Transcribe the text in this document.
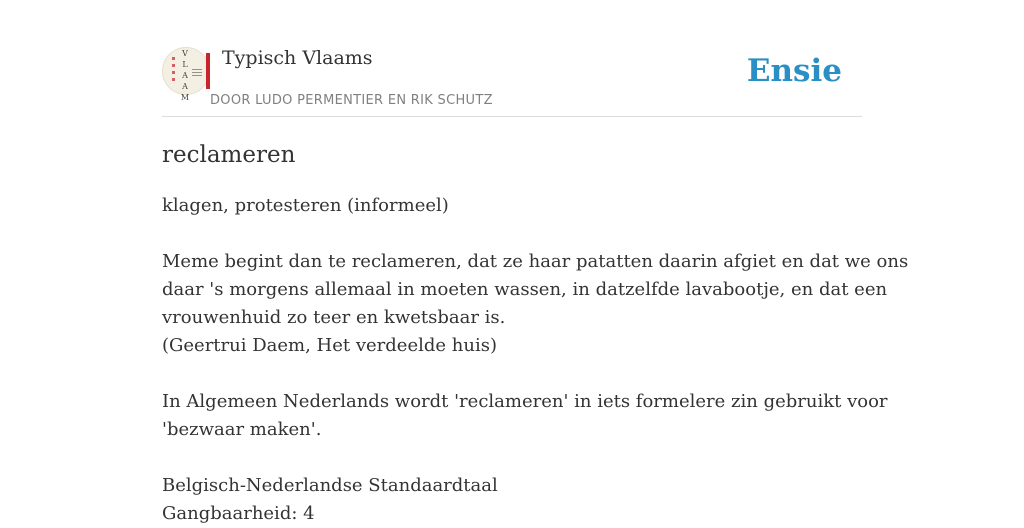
V
L
A
A
M
Typisch Vlaams
DOOR LUDO PERMENTIER EN RIK SCHUTZ
Ensie
reclameren

klagen, protesteren (informeel)

Meme begint dan te reclameren, dat ze haar patatten daarin afgiet en dat we ons

daar 's morgens allemaal in moeten wassen, in datzelfde lavabootje, en dat een

vrouwenhuid zo teer en kwetsbaar is.

(Geertrui Daem, Het verdeelde huis)

In Algemeen Nederlands wordt 'reclameren' in iets formelere zin gebruikt voor

'bezwaar maken'.

Belgisch-Nederlandse Standaardtaal

Gangbaarheid: 4
